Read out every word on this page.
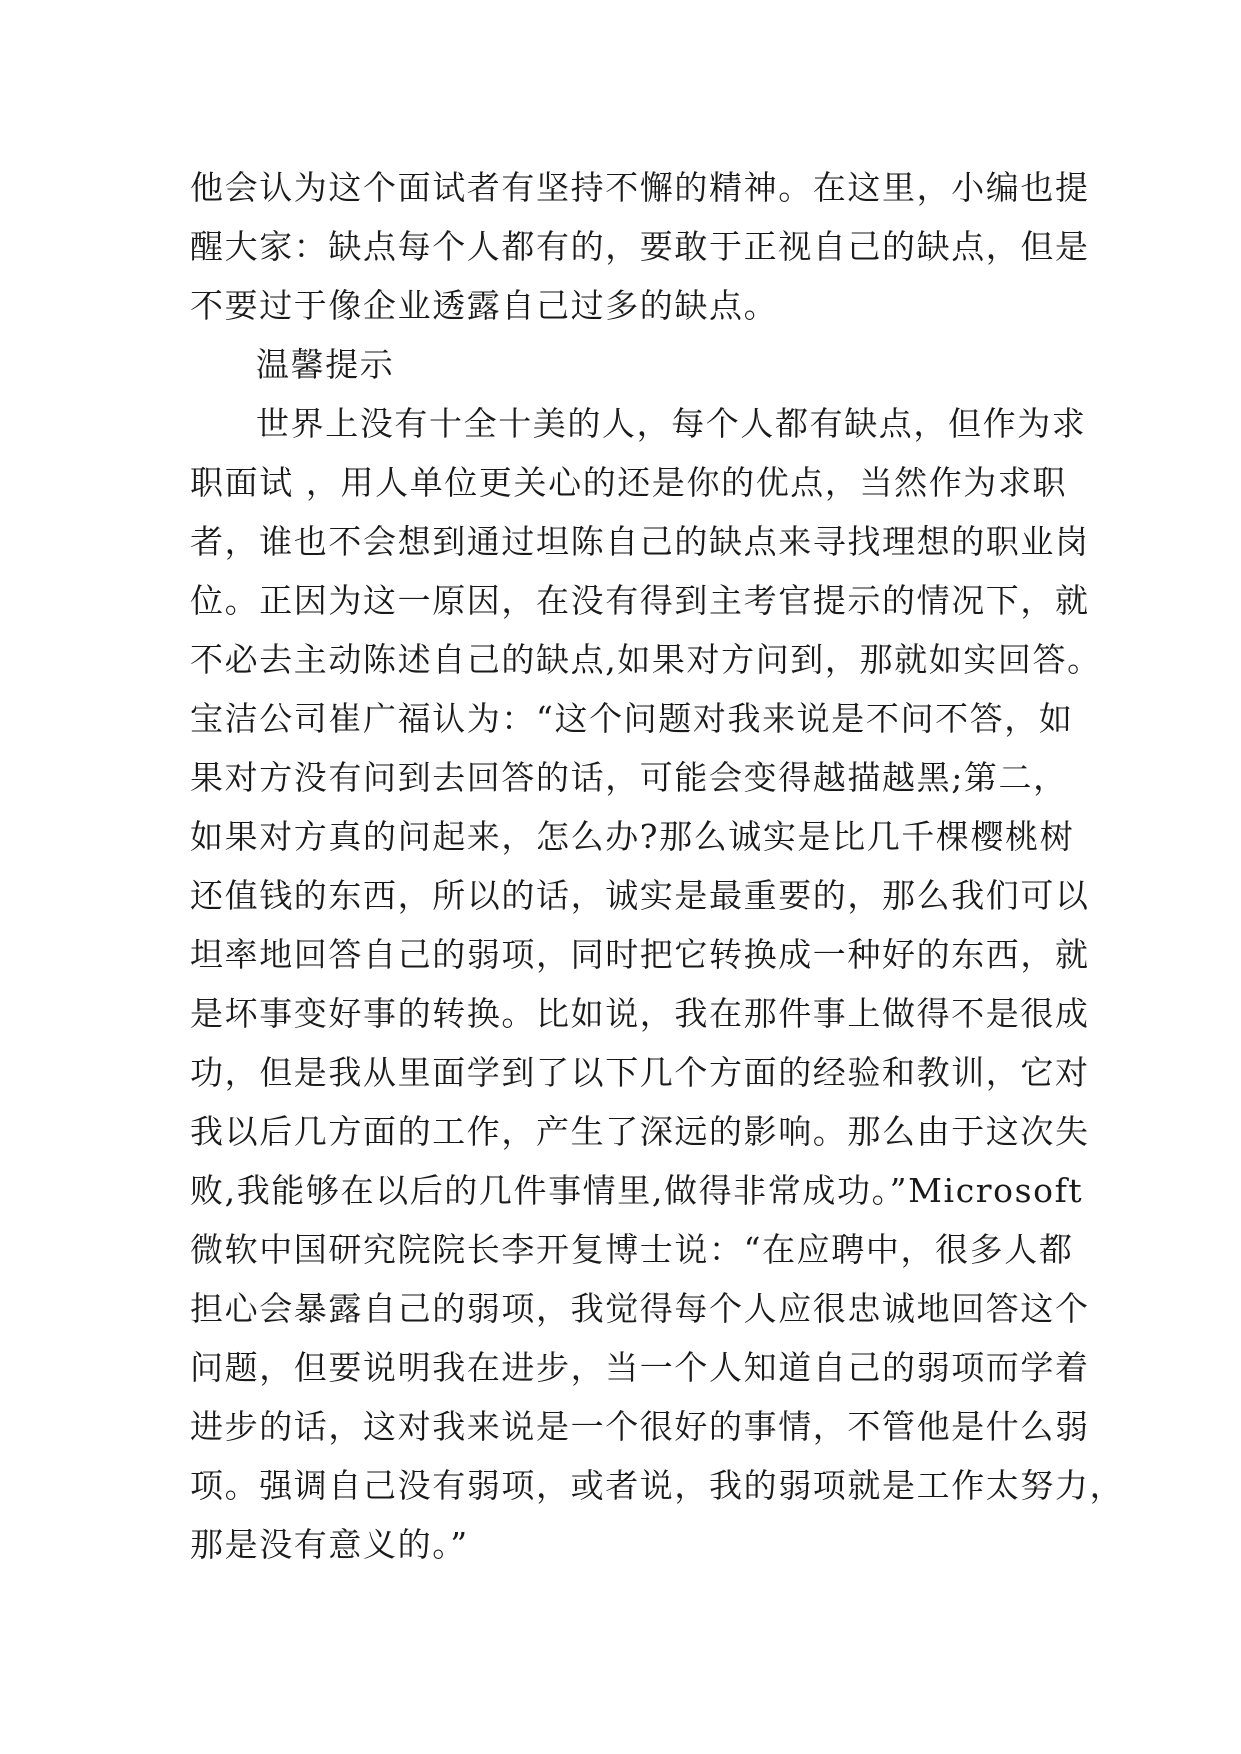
他会认为这个面试者有坚持不懈的精神。在这里，小编也提

醒大家：缺点每个人都有的，要敢于正视自己的缺点，但是

不要过于像企业透露自己过多的缺点。

温馨提示

世界上没有十全十美的人，每个人都有缺点，但作为求

职面试 ，用人单位更关心的还是你的优点，当然作为求职

者，谁也不会想到通过坦陈自己的缺点来寻找理想的职业岗

位。正因为这一原因，在没有得到主考官提示的情况下，就

不必去主动陈述自己的缺点,如果对方问到，那就如实回答。

宝洁公司崔广福认为：“这个问题对我来说是不问不答，如

果对方没有问到去回答的话，可能会变得越描越黑;第二，

如果对方真的问起来，怎么办?那么诚实是比几千棵樱桃树

还值钱的东西，所以的话，诚实是最重要的，那么我们可以

坦率地回答自己的弱项，同时把它转换成一种好的东西，就

是坏事变好事的转换。比如说，我在那件事上做得不是很成

功，但是我从里面学到了以下几个方面的经验和教训，它对

我以后几方面的工作，产生了深远的影响。那么由于这次失

败,我能够在以后的几件事情里,做得非常成功。”Microsoft

微软中国研究院院长李开复博士说：“在应聘中，很多人都

担心会暴露自己的弱项，我觉得每个人应很忠诚地回答这个

问题，但要说明我在进步，当一个人知道自己的弱项而学着

进步的话，这对我来说是一个很好的事情，不管他是什么弱

项。强调自己没有弱项，或者说，我的弱项就是工作太努力，

那是没有意义的。”
